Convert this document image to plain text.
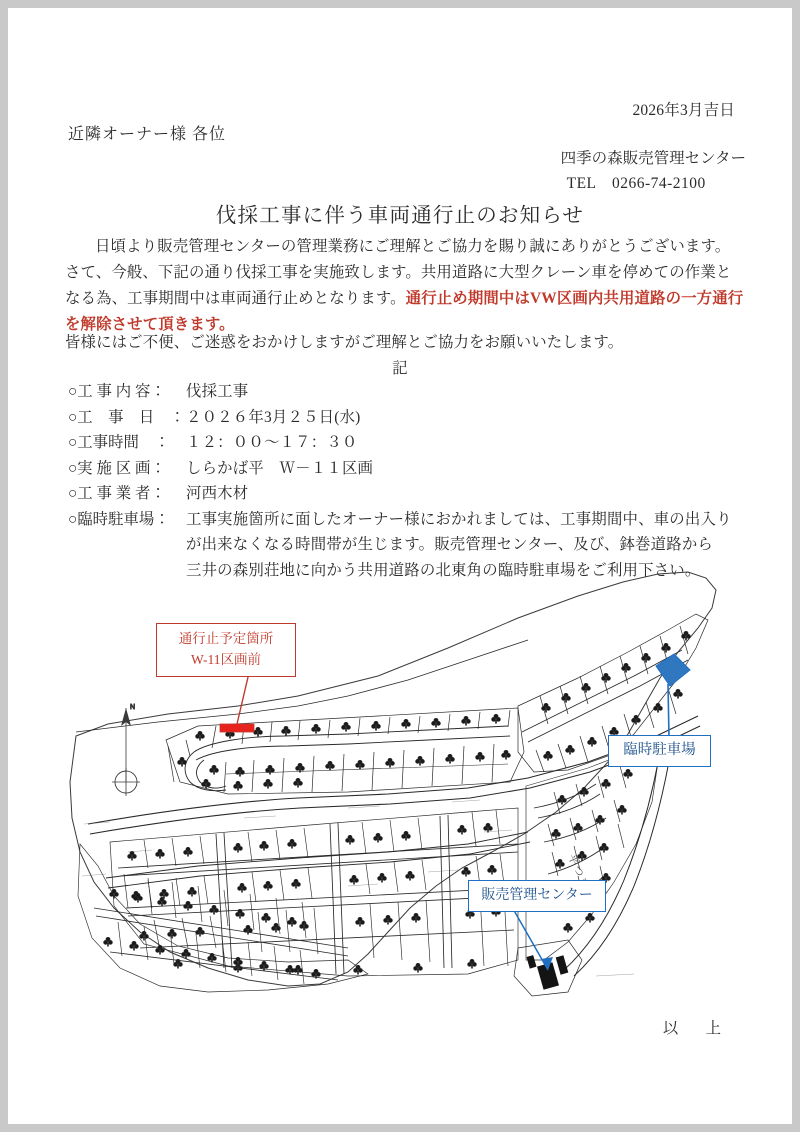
2026年3月吉日
近隣オーナー様 各位
四季の森販売管理センター
TEL　0266-74-2100
伐採工事に伴う車両通行止のお知らせ
日頃より販売管理センターの管理業務にご理解とご協力を賜り誠にありがとうございます。さて、今般、下記の通り伐採工事を実施致します。共用道路に大型クレーン車を停めての作業となる為、工事期間中は車両通行止めとなります。通行止め期間中はVW区画内共用道路の一方通行を解除させて頂きます。
皆様にはご不便、ご迷惑をおかけしますがご理解とご協力をお願いいたします。
記
○工 事 内 容：	伐採工事
○工　事　日　： ２０２６年3月２５日(水)
○工事時間　：	１２：００～１７：３０
○実 施 区 画：	しらかば平　Ｗ－１１区画
○工 事 業 者：	河西木材
○臨時駐車場：	工事実施箇所に面したオーナー様におかれましては、工事期間中、車の出入り
が出来なくなる時間帯が生じます。販売管理センター、及び、鉢巻道路から
三井の森別荘地に向かう共用道路の北東角の臨時駐車場をご利用下さい。
N
通行止予定箇所
W-11区画前
臨時駐車場
販売管理センター
以　上
